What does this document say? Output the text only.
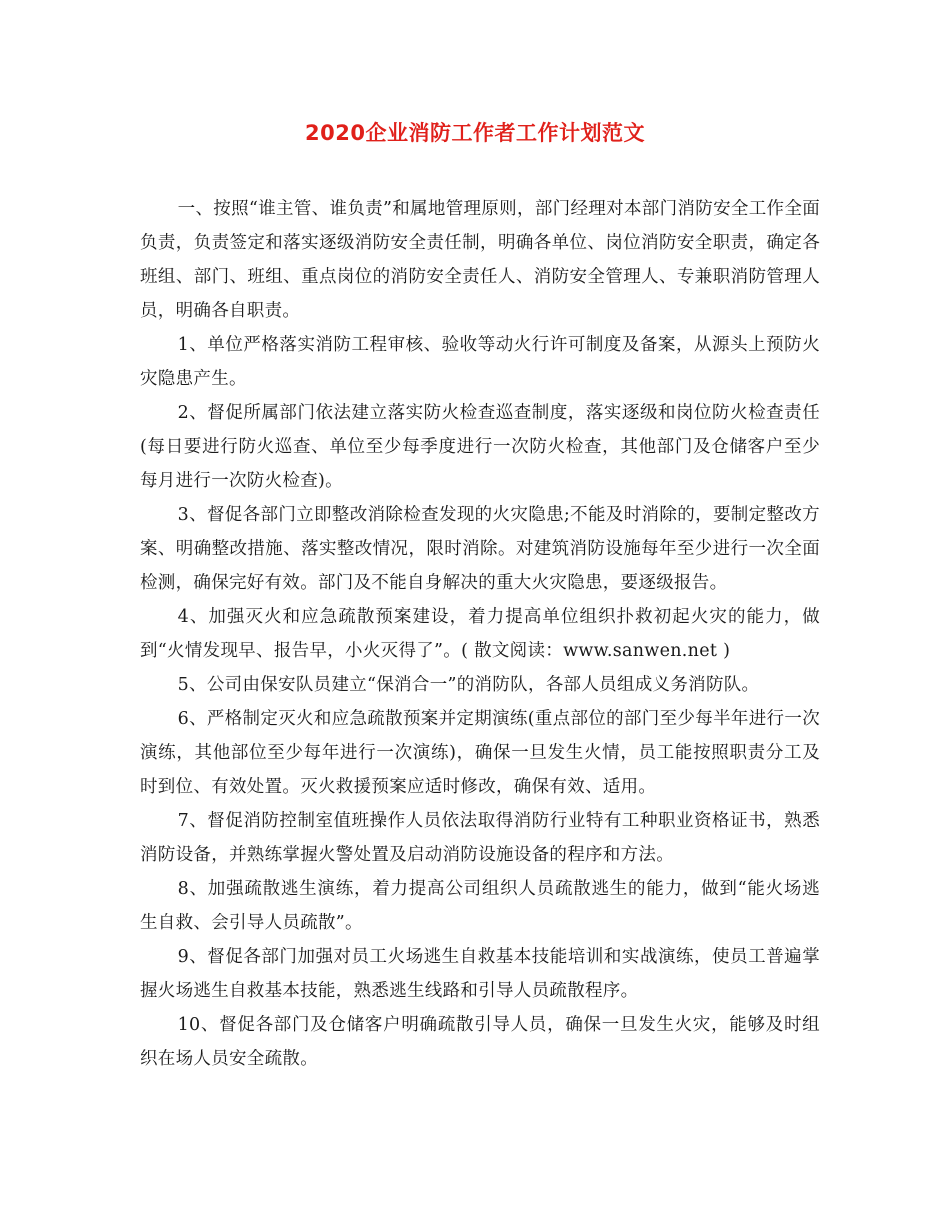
2020企业消防工作者工作计划范文

一、按照“谁主管、谁负责”和属地管理原则，部门经理对本部门消防安全工作全面负责，负责签定和落实逐级消防安全责任制，明确各单位、岗位消防安全职责，确定各班组、部门、班组、重点岗位的消防安全责任人、消防安全管理人、专兼职消防管理人员，明确各自职责。

1、单位严格落实消防工程审核、验收等动火行许可制度及备案，从源头上预防火灾隐患产生。

2、督促所属部门依法建立落实防火检查巡查制度，落实逐级和岗位防火检查责任(每日要进行防火巡查、单位至少每季度进行一次防火检查，其他部门及仓储客户至少每月进行一次防火检查)。

3、督促各部门立即整改消除检查发现的火灾隐患;不能及时消除的，要制定整改方案、明确整改措施、落实整改情况，限时消除。对建筑消防设施每年至少进行一次全面检测，确保完好有效。部门及不能自身解决的重大火灾隐患，要逐级报告。

4、加强灭火和应急疏散预案建设，着力提高单位组织扑救初起火灾的能力，做到“火情发现早、报告早，小火灭得了”。( 散文阅读：www.sanwen.net )

5、公司由保安队员建立“保消合一”的消防队，各部人员组成义务消防队。

6、严格制定灭火和应急疏散预案并定期演练(重点部位的部门至少每半年进行一次演练，其他部位至少每年进行一次演练)，确保一旦发生火情，员工能按照职责分工及时到位、有效处置。灭火救援预案应适时修改，确保有效、适用。

7、督促消防控制室值班操作人员依法取得消防行业特有工种职业资格证书，熟悉消防设备，并熟练掌握火警处置及启动消防设施设备的程序和方法。

8、加强疏散逃生演练，着力提高公司组织人员疏散逃生的能力，做到“能火场逃生自救、会引导人员疏散”。

9、督促各部门加强对员工火场逃生自救基本技能培训和实战演练，使员工普遍掌握火场逃生自救基本技能，熟悉逃生线路和引导人员疏散程序。

10、督促各部门及仓储客户明确疏散引导人员，确保一旦发生火灾，能够及时组织在场人员安全疏散。
